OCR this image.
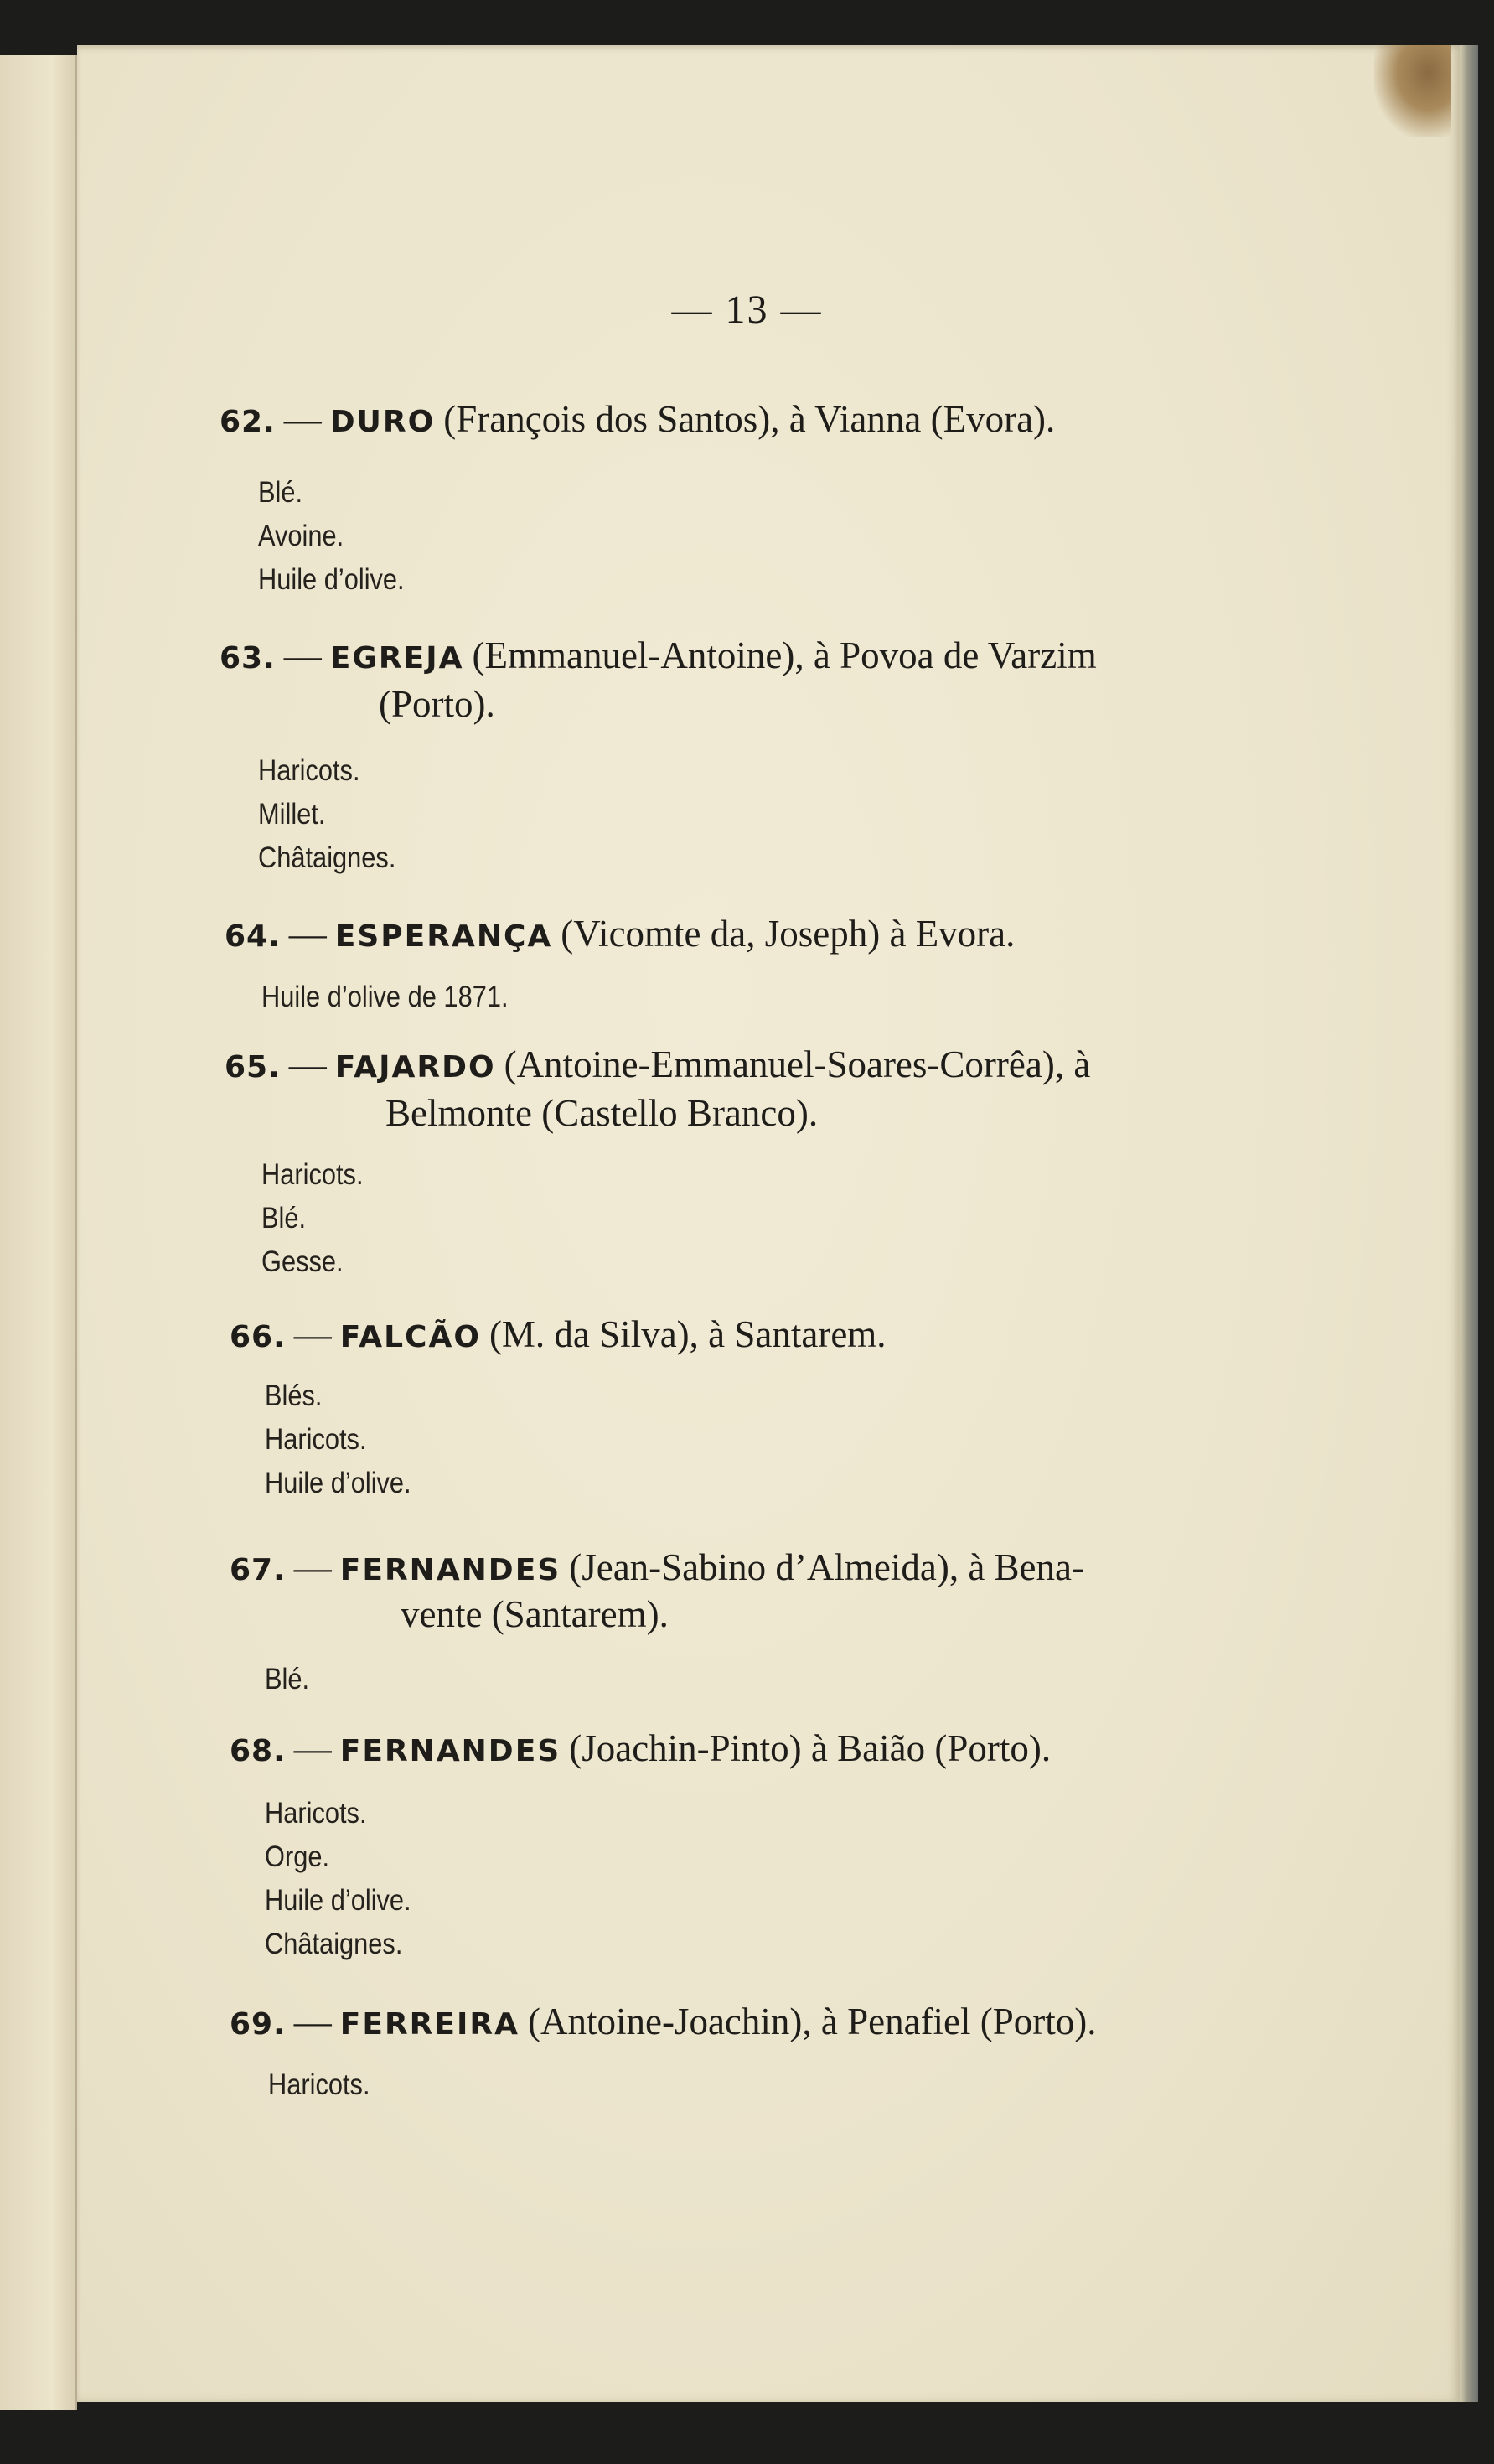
— 13 —
62. — DURO (François dos Santos), à Vianna (Evora).
Blé.
Avoine.
Huile d’olive.
63. — EGREJA (Emmanuel-Antoine), à Povoa de Varzim
(Porto).
Haricots.
Millet.
Châtaignes.
64. — ESPERANÇA (Vicomte da, Joseph) à Evora.
Huile d’olive de 1871.
65. — FAJARDO (Antoine-Emmanuel-Soares-Corrêa), à
Belmonte (Castello Branco).
Haricots.
Blé.
Gesse.
66. — FALCÃO (M. da Silva), à Santarem.
Blés.
Haricots.
Huile d’olive.
67. — FERNANDES (Jean-Sabino d’Almeida), à Bena-
vente (Santarem).
Blé.
68. — FERNANDES (Joachin-Pinto) à Baião (Porto).
Haricots.
Orge.
Huile d’olive.
Châtaignes.
69. — FERREIRA (Antoine-Joachin), à Penafiel (Porto).
Haricots.
